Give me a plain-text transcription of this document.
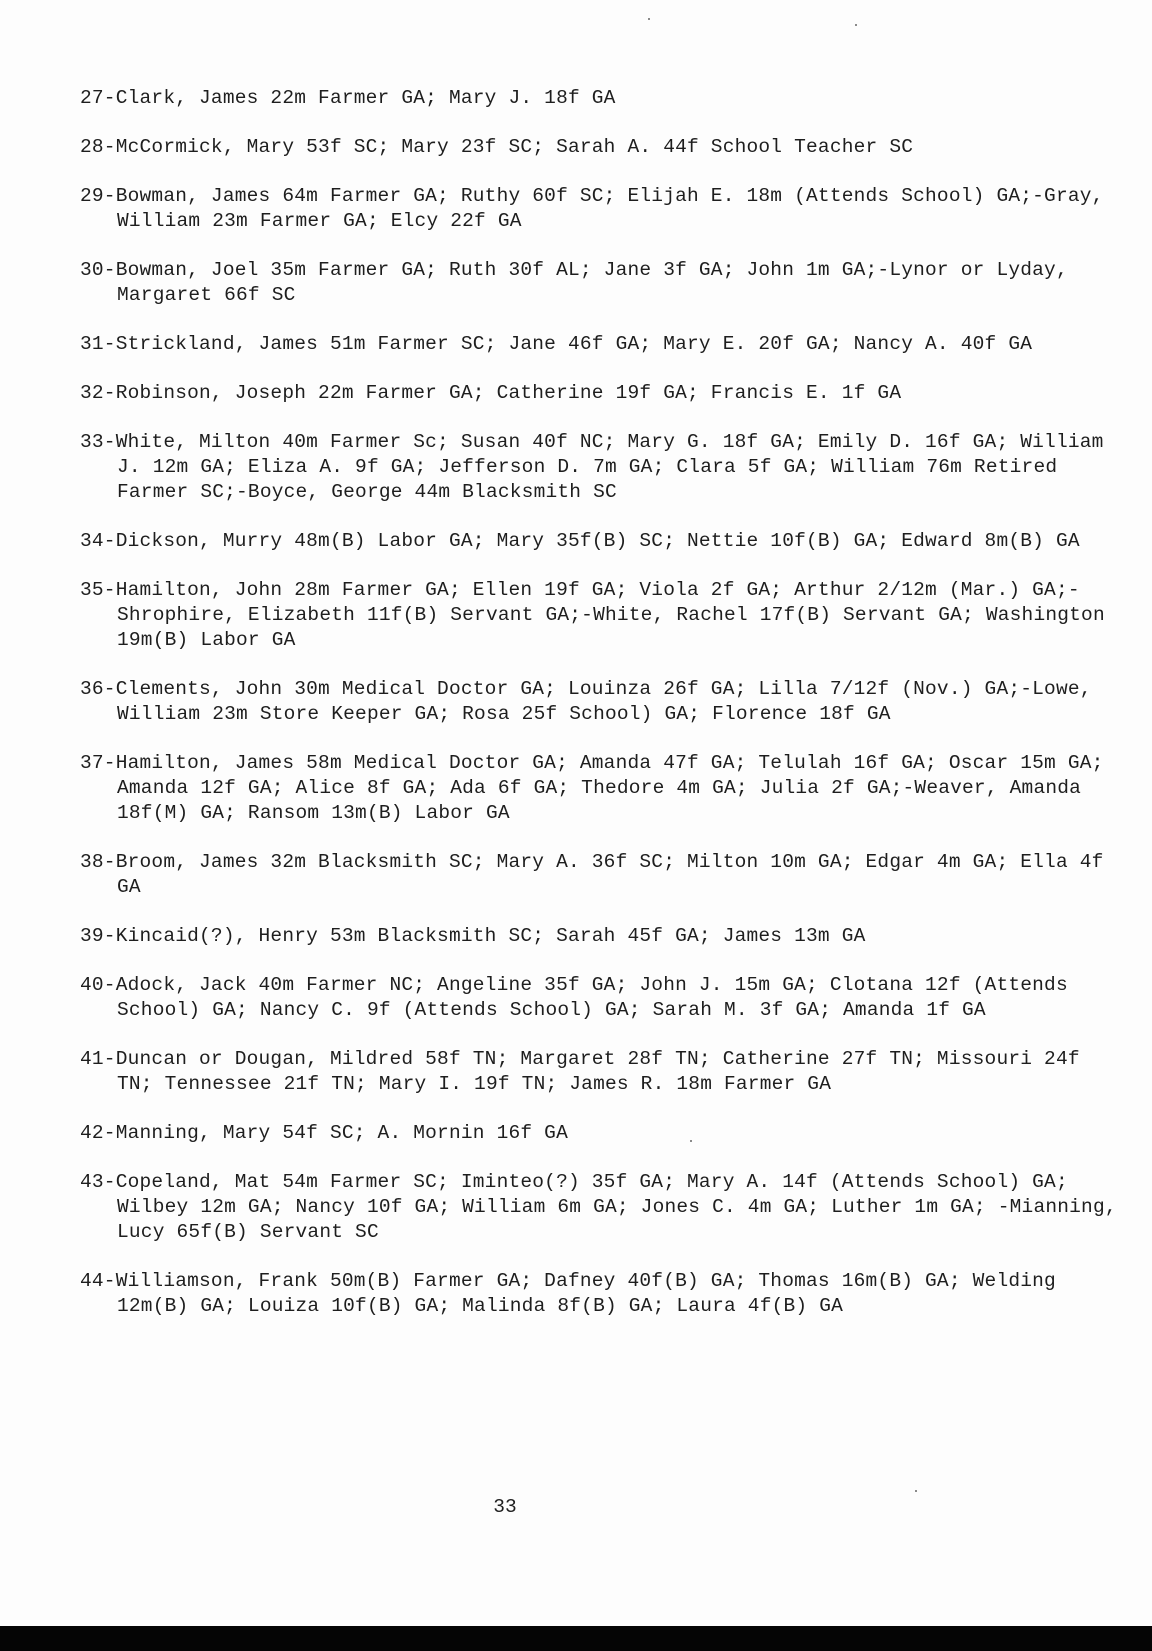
27-Clark, James 22m Farmer GA; Mary J. 18f GA

28-McCormick, Mary 53f SC; Mary 23f SC; Sarah A. 44f School Teacher SC

29-Bowman, James 64m Farmer GA; Ruthy 60f SC; Elijah E. 18m (Attends School) GA;-Gray, William 23m Farmer GA; Elcy 22f GA

30-Bowman, Joel 35m Farmer GA; Ruth 30f AL; Jane 3f GA; John 1m GA;-Lynor or Lyday, Margaret 66f SC

31-Strickland, James 51m Farmer SC; Jane 46f GA; Mary E. 20f GA; Nancy A. 40f GA

32-Robinson, Joseph 22m Farmer GA; Catherine 19f GA; Francis E. 1f GA

33-White, Milton 40m Farmer Sc; Susan 40f NC; Mary G. 18f GA; Emily D. 16f GA; William J. 12m GA; Eliza A. 9f GA; Jefferson D. 7m GA; Clara 5f GA; William 76m Retired Farmer SC;-Boyce, George 44m Blacksmith SC

34-Dickson, Murry 48m(B) Labor GA; Mary 35f(B) SC; Nettie 10f(B) GA; Edward 8m(B) GA

35-Hamilton, John 28m Farmer GA; Ellen 19f GA; Viola 2f GA; Arthur 2/12m (Mar.) GA;-Shrophire, Elizabeth 11f(B) Servant GA;-White, Rachel 17f(B) Servant GA; Washington 19m(B) Labor GA

36-Clements, John 30m Medical Doctor GA; Louinza 26f GA; Lilla 7/12f (Nov.) GA;-Lowe, William 23m Store Keeper GA; Rosa 25f School) GA; Florence 18f GA

37-Hamilton, James 58m Medical Doctor GA; Amanda 47f GA; Telulah 16f GA; Oscar 15m GA; Amanda 12f GA; Alice 8f GA; Ada 6f GA; Thedore 4m GA; Julia 2f GA;-Weaver, Amanda 18f(M) GA; Ransom 13m(B) Labor GA

38-Broom, James 32m Blacksmith SC; Mary A. 36f SC; Milton 10m GA; Edgar 4m GA; Ella 4f GA

39-Kincaid(?), Henry 53m Blacksmith SC; Sarah 45f GA; James 13m GA

40-Adock, Jack 40m Farmer NC; Angeline 35f GA; John J. 15m GA; Clotana 12f (Attends School) GA; Nancy C. 9f (Attends School) GA; Sarah M. 3f GA; Amanda 1f GA

41-Duncan or Dougan, Mildred 58f TN; Margaret 28f TN; Catherine 27f TN; Missouri 24f TN; Tennessee 21f TN; Mary I. 19f TN; James R. 18m Farmer GA

42-Manning, Mary 54f SC; A. Mornin 16f GA

43-Copeland, Mat 54m Farmer SC; Iminteo(?) 35f GA; Mary A. 14f (Attends School) GA; Wilbey 12m GA; Nancy 10f GA; William 6m GA; Jones C. 4m GA; Luther 1m GA; -Mianning, Lucy 65f(B) Servant SC

44-Williamson, Frank 50m(B) Farmer GA; Dafney 40f(B) GA; Thomas 16m(B) GA; Welding 12m(B) GA; Louiza 10f(B) GA; Malinda 8f(B) GA; Laura 4f(B) GA

33
